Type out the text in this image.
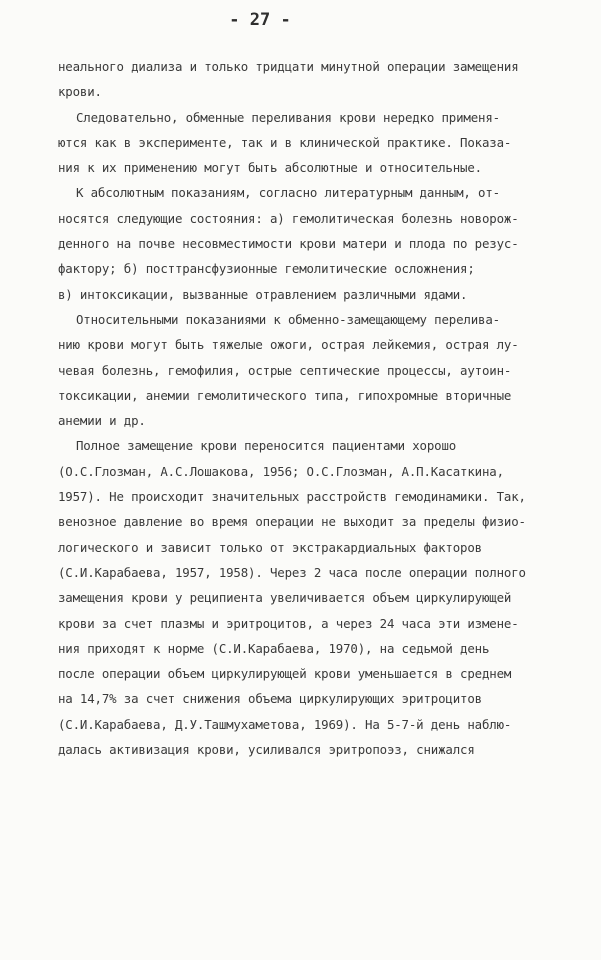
- 27 -
неального диализа и только тридцати минутной операции замещения
крови.
Следовательно, обменные переливания крови нередко применя-
ются как в эксперименте, так и в клинической практике. Показа-
ния к их применению могут быть абсолютные и относительные.
К абсолютным показаниям, согласно литературным данным, от-
носятся следующие состояния: а) гемолитическая болезнь новорож-
денного на почве несовместимости крови матери и плода по резус-
фактору; б) посттрансфузионные гемолитические осложнения;
в) интоксикации, вызванные отравлением различными ядами.
Относительными показаниями к обменно-замещающему переливa-
нию крови могут быть тяжелые ожоги, острая лейкемия, острая лу-
чевая болезнь, гемофилия, острые септические процессы, аутоин-
токсикации, анемии гемолитического типа, гипохромные вторичные
анемии и др.
Полное замещение крови переносится пациентами хорошо
(О.С.Глозман, А.С.Лошакова, 1956; О.С.Глозман, А.П.Касаткина,
1957). Не происходит значительных расстройств гемодинамики. Так,
венозное давление во время операции не выходит за пределы физио-
логического и зависит только от экстракардиальных факторов
(С.И.Карабаева, 1957, 1958). Через 2 часа после операции полного
замещения крови у реципиента увеличивается объем циркулирующей
крови за счет плазмы и эритроцитов, а через 24 часа эти изменe-
ния приходят к норме (С.И.Карабаева, 1970), на седьмой день
после операции объем циркулирующей крови уменьшается в среднем
на 14,7% за счет снижения объема циркулирующих эритроцитов
(С.И.Карабаева, Д.У.Ташмухаметова, 1969). На 5-7-й день наблю-
далась активизация крови, усиливался эритропоэз, снижался
